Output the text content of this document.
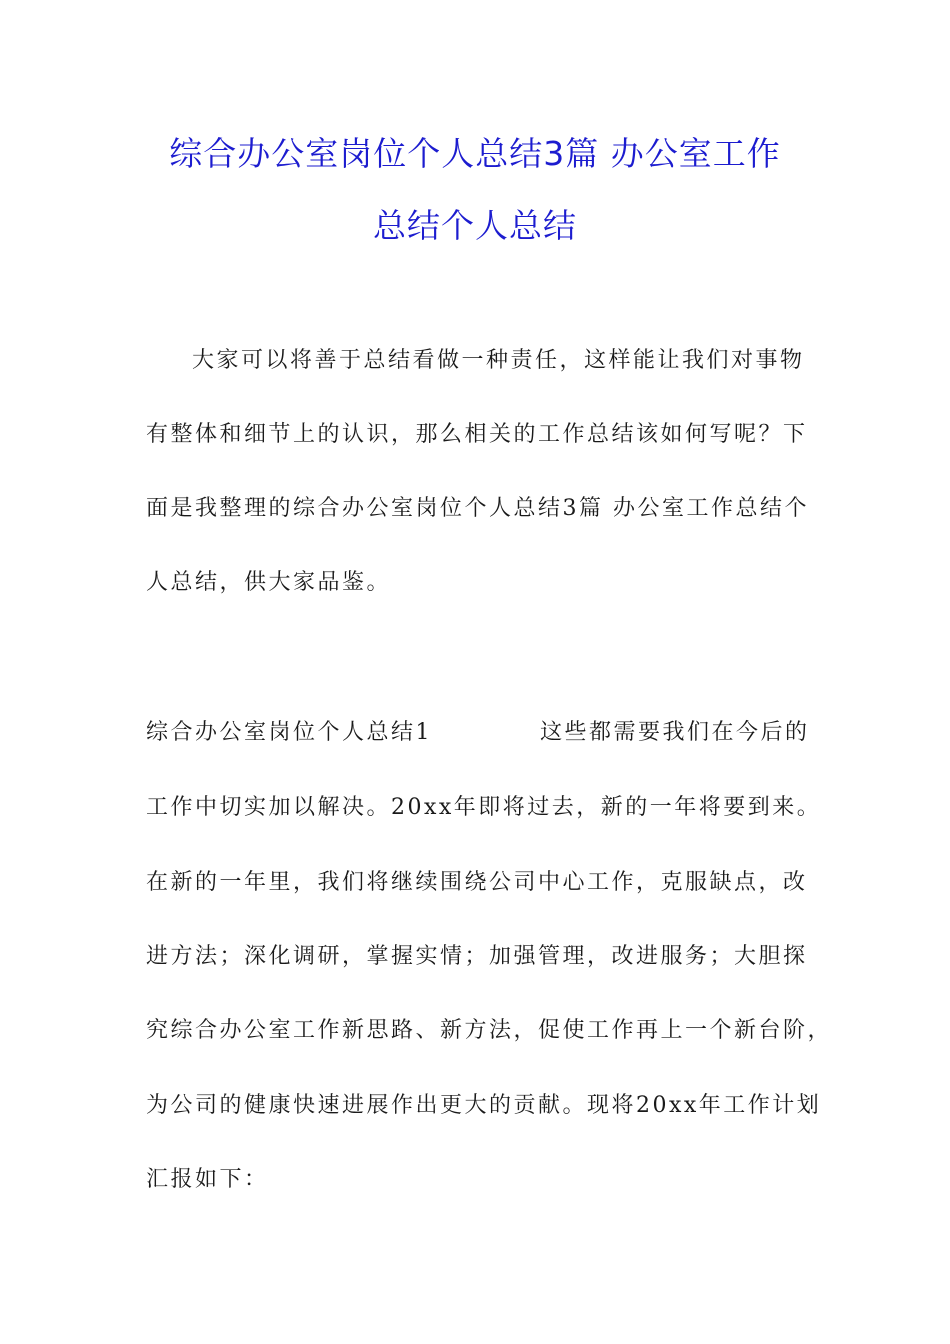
综合办公室岗位个人总结3篇 办公室工作
总结个人总结
大家可以将善于总结看做一种责任，这样能让我们对事物
有整体和细节上的认识，那么相关的工作总结该如何写呢？下
面是我整理的综合办公室岗位个人总结3篇 办公室工作总结个
人总结，供大家品鉴。
综合办公室岗位个人总结1	这些都需要我们在今后的
工作中切实加以解决。20xx年即将过去，新的一年将要到来。
在新的一年里，我们将继续围绕公司中心工作，克服缺点，改
进方法；深化调研，掌握实情；加强管理，改进服务；大胆探
究综合办公室工作新思路、新方法，促使工作再上一个新台阶，
为公司的健康快速进展作出更大的贡献。现将20xx年工作计划
汇报如下：
